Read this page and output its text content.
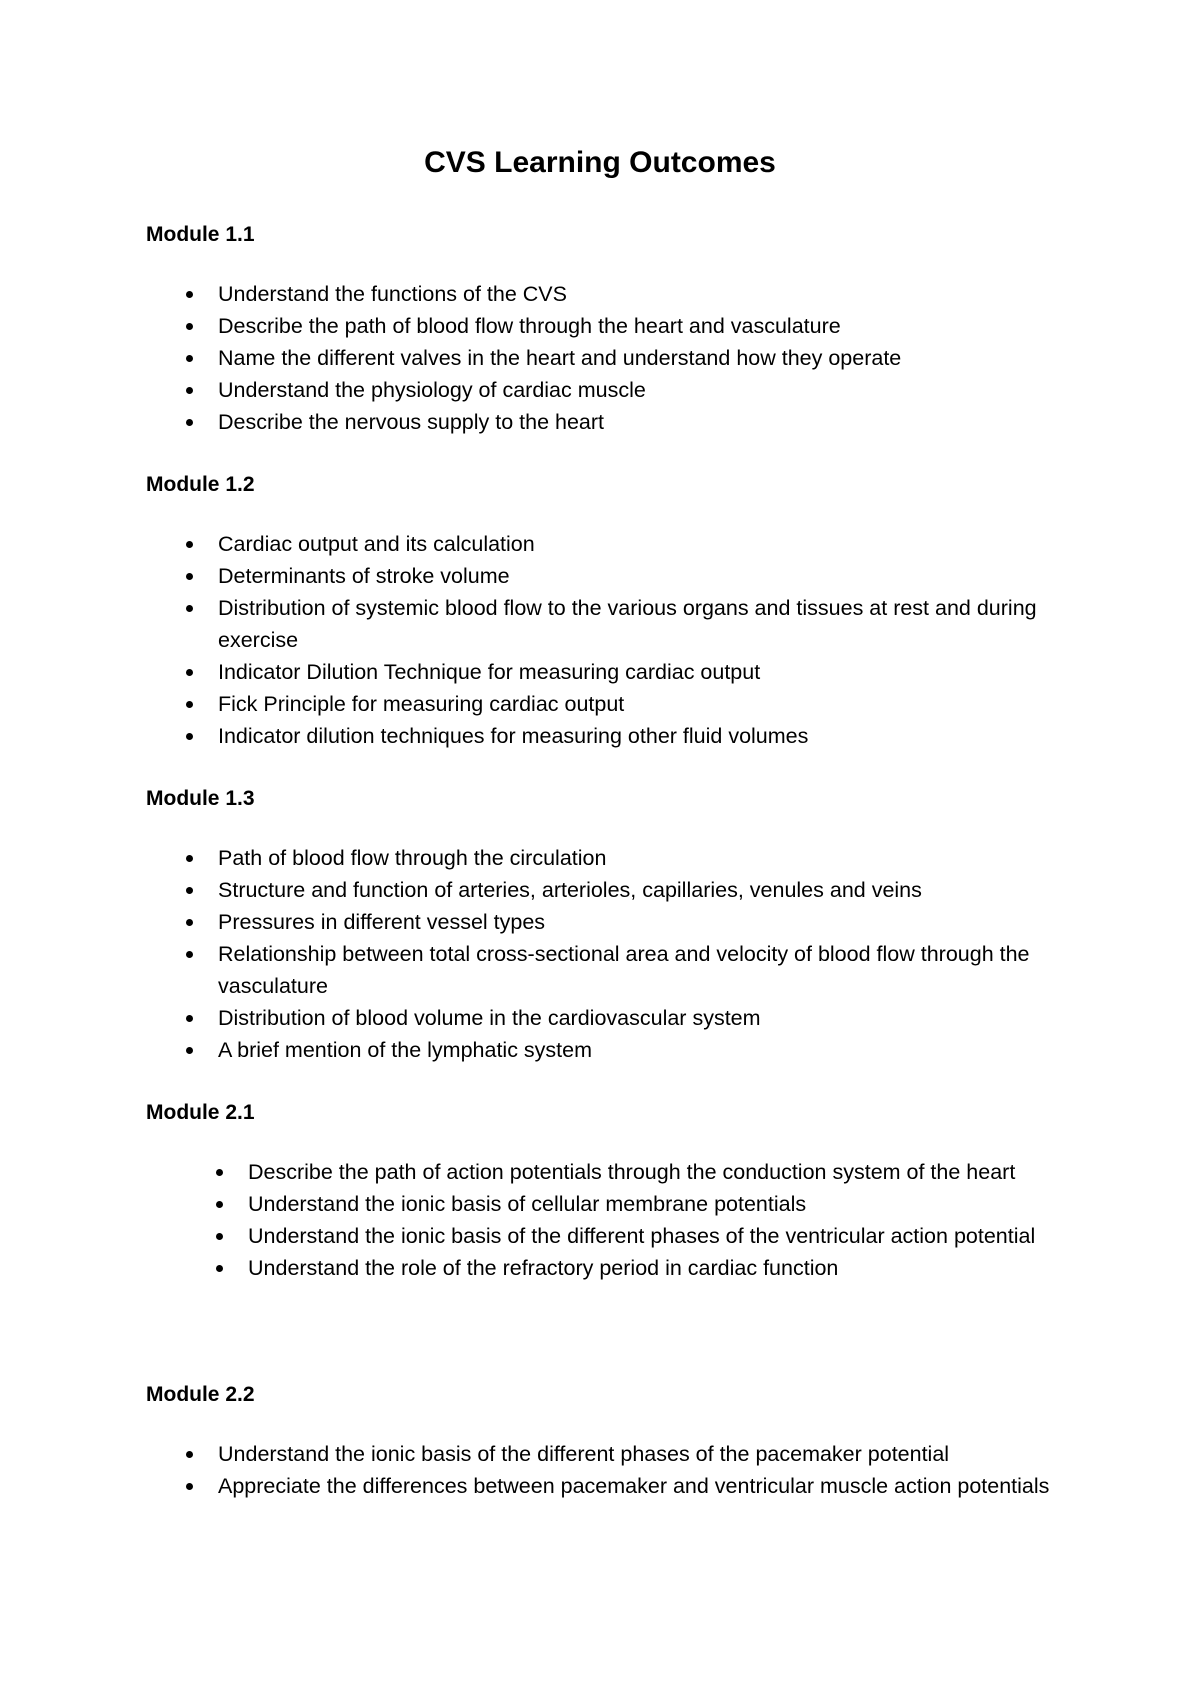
CVS Learning Outcomes
Module 1.1
Understand the functions of the CVS
Describe the path of blood flow through the heart and vasculature
Name the different valves in the heart and understand how they operate
Understand the physiology of cardiac muscle
Describe the nervous supply to the heart
Module 1.2
Cardiac output and its calculation
Determinants of stroke volume
Distribution of systemic blood flow to the various organs and tissues at rest and during exercise
Indicator Dilution Technique for measuring cardiac output
Fick Principle for measuring cardiac output
Indicator dilution techniques for measuring other fluid volumes
Module 1.3
Path of blood flow through the circulation
Structure and function of arteries, arterioles, capillaries, venules and veins
Pressures in different vessel types
Relationship between total cross-sectional area and velocity of blood flow through the vasculature
Distribution of blood volume in the cardiovascular system
A brief mention of the lymphatic system
Module 2.1
Describe the path of action potentials through the conduction system of the heart
Understand the ionic basis of cellular membrane potentials
Understand the ionic basis of the different phases of the ventricular action potential
Understand the role of the refractory period in cardiac function
Module 2.2
Understand the ionic basis of the different phases of the pacemaker potential
Appreciate the differences between pacemaker and ventricular muscle action potentials
